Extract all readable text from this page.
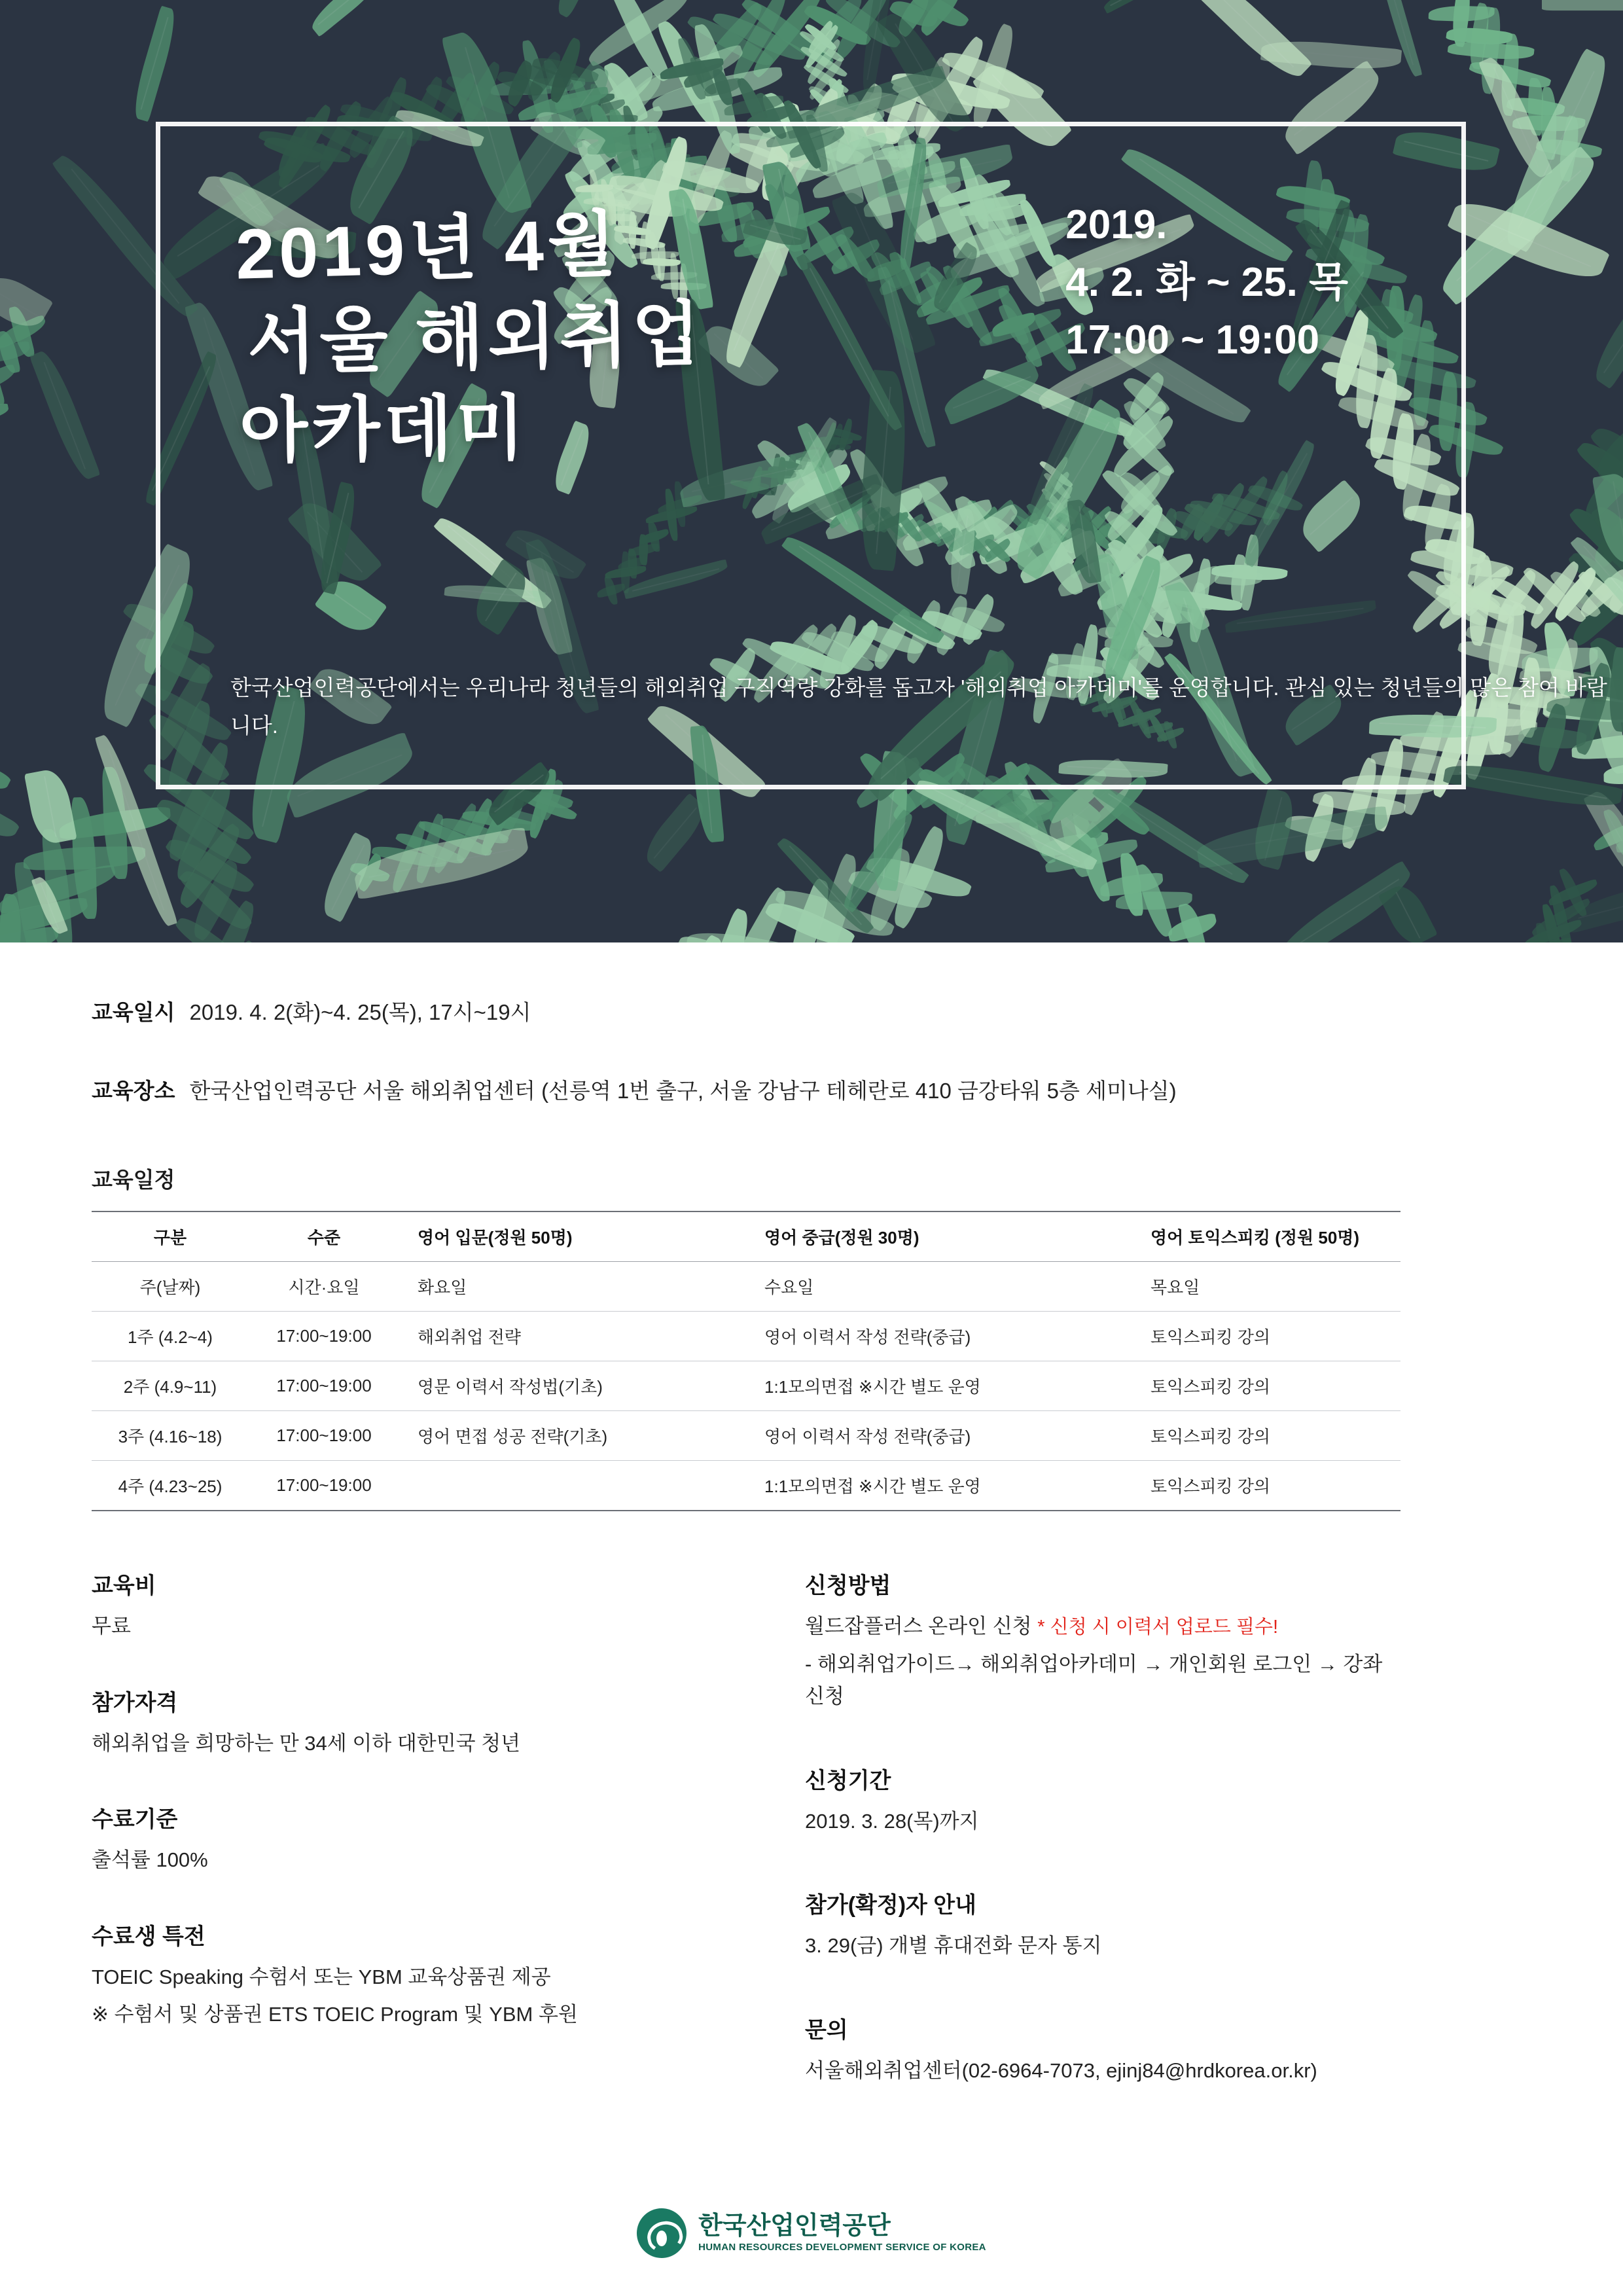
2019년 4월
서울 해외취업
아카데미
2019.
4. 2. 화 ~ 25. 목
17:00 ~ 19:00
한국산업인력공단에서는 우리나라 청년들의 해외취업 구직역량 강화를 돕고자 '해외취업 아카데미'를 운영합니다. 관심 있는 청년들의 많은 참여 바랍니다.
교육일시 2019. 4. 2(화)~4. 25(목), 17시~19시
교육장소 한국산업인력공단 서울 해외취업센터 (선릉역 1번 출구, 서울 강남구 테헤란로 410 금강타워 5층 세미나실)
교육일정
구분	수준	영어 입문(정원 50명)	영어 중급(정원 30명)	영어 토익스피킹 (정원 50명)
주(날짜)	시간·요일	화요일	수요일	목요일
1주 (4.2~4)	17:00~19:00	해외취업 전략	영어 이력서 작성 전략(중급)	토익스피킹 강의
2주 (4.9~11)	17:00~19:00	영문 이력서 작성법(기초)	1:1모의면접 ※시간 별도 운영	토익스피킹 강의
3주 (4.16~18)	17:00~19:00	영어 면접 성공 전략(기초)	영어 이력서 작성 전략(중급)	토익스피킹 강의
4주 (4.23~25)	17:00~19:00		1:1모의면접 ※시간 별도 운영	토익스피킹 강의
교육비

무료

참가자격

해외취업을 희망하는 만 34세 이하 대한민국 청년

수료기준

출석률 100%

수료생 특전

TOEIC Speaking 수험서 또는 YBM 교육상품권 제공

※ 수험서 및 상품권 ETS TOEIC Program 및 YBM 후원

신청방법

월드잡플러스 온라인 신청 * 신청 시 이력서 업로드 필수!

- 해외취업가이드→ 해외취업아카데미 → 개인회원 로그인 → 강좌 신청

신청기간

2019. 3. 28(목)까지

참가(확정)자 안내

3. 29(금) 개별 휴대전화 문자 통지

문의

서울해외취업센터(02-6964-7073, ejinj84@hrdkorea.or.kr)

한국산업인력공단
HUMAN RESOURCES DEVELOPMENT SERVICE OF KOREA
